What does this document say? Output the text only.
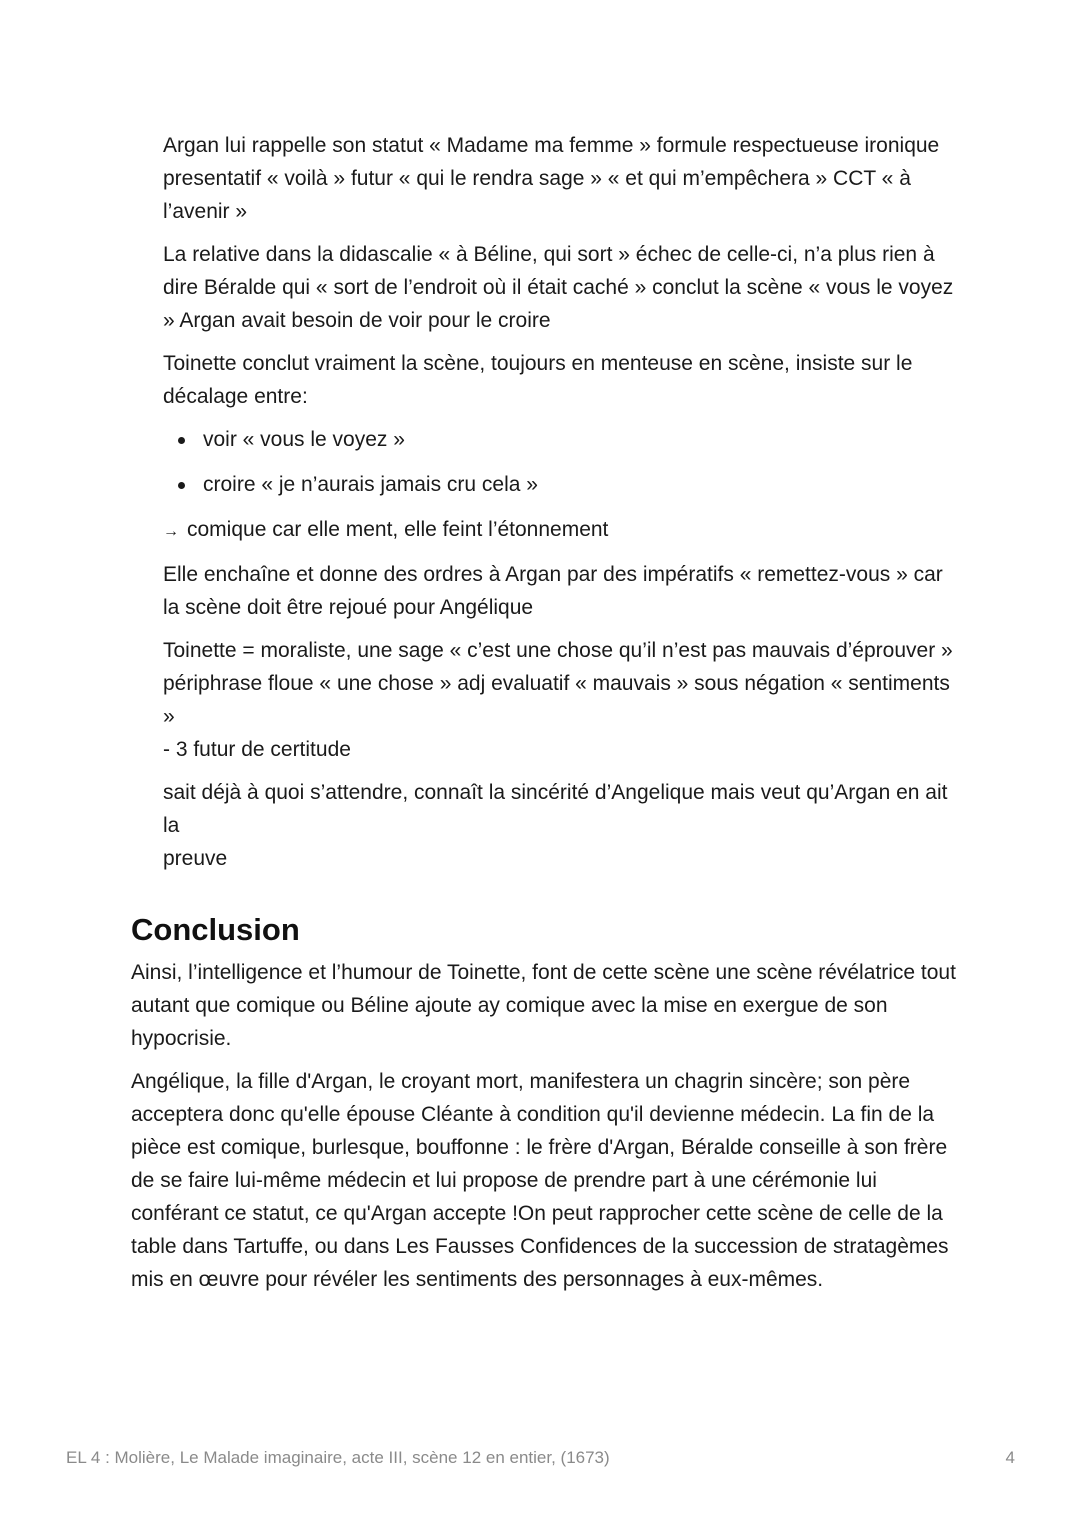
Argan lui rappelle son statut « Madame ma femme » formule respectueuse ironique presentatif « voilà » futur « qui le rendra sage » « et qui m’empêchera » CCT « à l’avenir »

La relative dans la didascalie « à Béline, qui sort » échec de celle-ci, n’a plus rien à dire Béralde qui « sort de l’endroit où il était caché » conclut la scène « vous le voyez » Argan avait besoin de voir pour le croire

Toinette conclut vraiment la scène, toujours en menteuse en scène, insiste sur le décalage entre:

voir « vous le voyez »
croire « je n’aurais jamais cru cela »

→ comique car elle ment, elle feint l’étonnement

Elle enchaîne et donne des ordres à Argan par des impératifs « remettez-vous » car la scène doit être rejoué pour Angélique

Toinette = moraliste, une sage « c’est une chose qu’il n’est pas mauvais d’éprouver » périphrase floue « une chose » adj evaluatif « mauvais » sous négation « sentiments »

- 3 futur de certitude

sait déjà à quoi s’attendre, connaît la sincérité d’Angelique mais veut qu’Argan en ait la

preuve

Conclusion

Ainsi, l’intelligence et l’humour de Toinette, font de cette scène une scène révélatrice tout autant que comique ou Béline ajoute ay comique avec la mise en exergue de son hypocrisie.

Angélique, la fille d'Argan, le croyant mort, manifestera un chagrin sincère; son père acceptera donc qu'elle épouse Cléante à condition qu'il devienne médecin. La fin de la pièce est comique, burlesque, bouffonne : le frère d'Argan, Béralde conseille à son frère de se faire lui-même médecin et lui propose de prendre part à une cérémonie lui conférant ce statut, ce qu'Argan accepte !On peut rapprocher cette scène de celle de la table dans Tartuffe, ou dans Les Fausses Confidences de la succession de stratagèmes mis en œuvre pour révéler les sentiments des personnages à eux-mêmes.

EL 4 : Molière, Le Malade imaginaire, acte III, scène 12 en entier, (1673)	4
